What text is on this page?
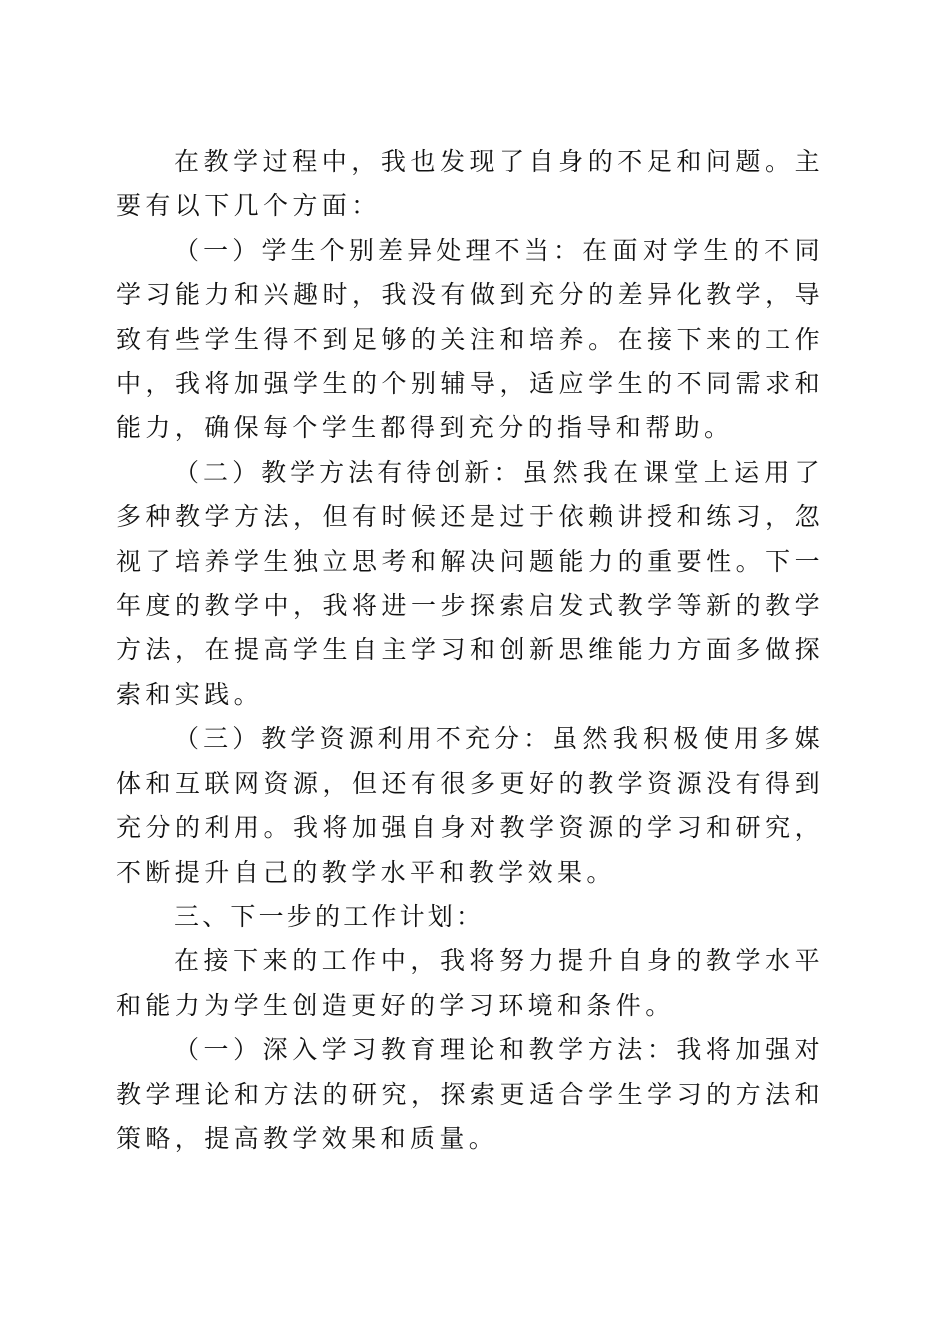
在教学过程中，我也发现了自身的不足和问题。主要有以下几个方面：

（一）学生个别差异处理不当：在面对学生的不同学习能力和兴趣时，我没有做到充分的差异化教学，导致有些学生得不到足够的关注和培养。在接下来的工作中，我将加强学生的个别辅导，适应学生的不同需求和能力，确保每个学生都得到充分的指导和帮助。

（二）教学方法有待创新：虽然我在课堂上运用了多种教学方法，但有时候还是过于依赖讲授和练习，忽视了培养学生独立思考和解决问题能力的重要性。下一年度的教学中，我将进一步探索启发式教学等新的教学方法，在提高学生自主学习和创新思维能力方面多做探索和实践。

（三）教学资源利用不充分：虽然我积极使用多媒体和互联网资源，但还有很多更好的教学资源没有得到充分的利用。我将加强自身对教学资源的学习和研究，不断提升自己的教学水平和教学效果。

三、下一步的工作计划：

在接下来的工作中，我将努力提升自身的教学水平和能力为学生创造更好的学习环境和条件。

（一）深入学习教育理论和教学方法：我将加强对教学理论和方法的研究，探索更适合学生学习的方法和策略，提高教学效果和质量。
